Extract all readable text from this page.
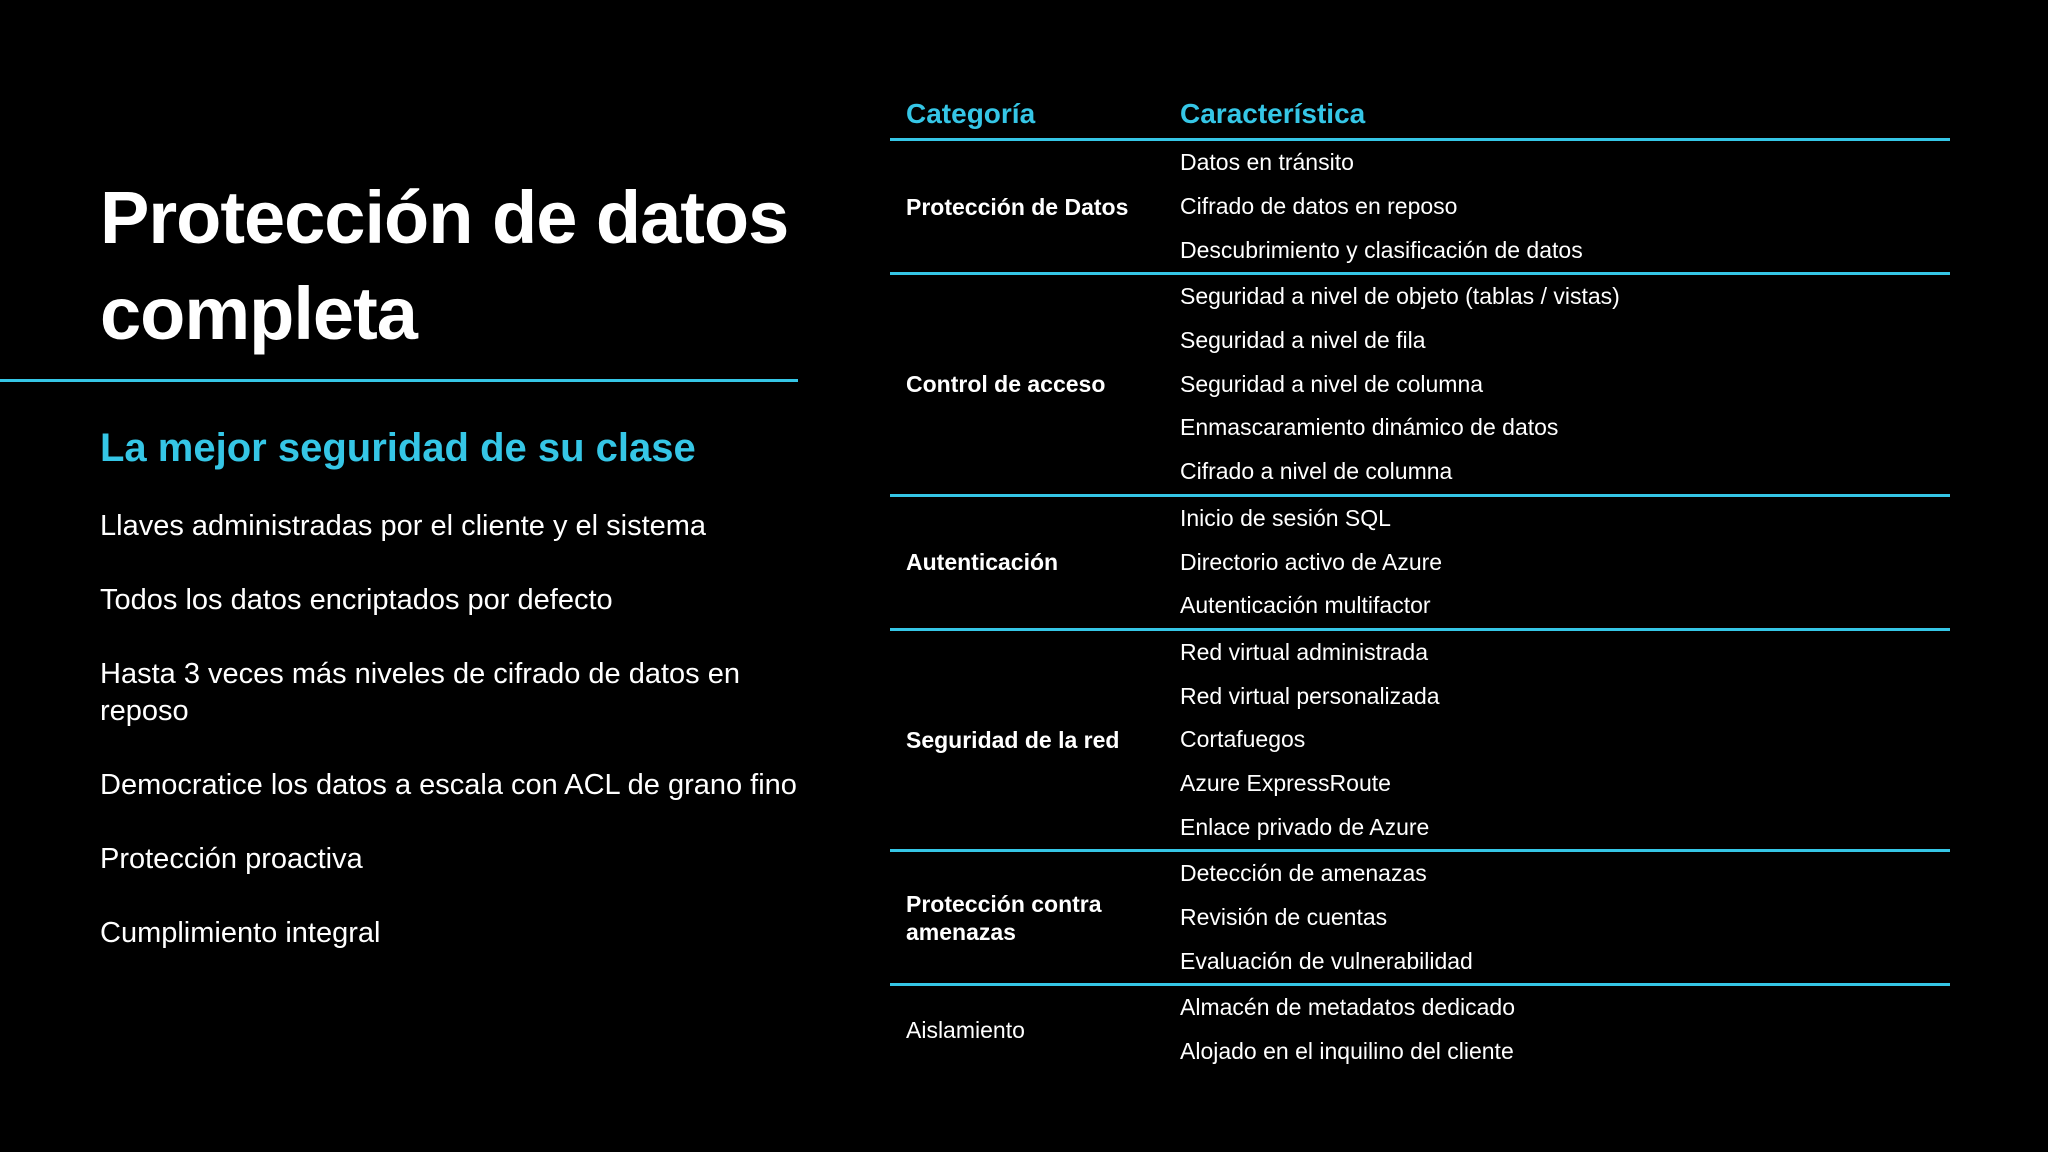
Protección de datos completa
La mejor seguridad de su clase
Llaves administradas por el cliente y el sistema
Todos los datos encriptados por defecto
Hasta 3 veces más niveles de cifrado de datos en reposo
Democratice los datos a escala con ACL de grano fino
Protección proactiva
Cumplimiento integral
Categoría	Característica
Protección de Datos
Datos en tránsito
Cifrado de datos en reposo
Descubrimiento y clasificación de datos
Control de acceso
Seguridad a nivel de objeto (tablas / vistas)
Seguridad a nivel de fila
Seguridad a nivel de columna
Enmascaramiento dinámico de datos
Cifrado a nivel de columna
Autenticación
Inicio de sesión SQL
Directorio activo de Azure
Autenticación multifactor
Seguridad de la red
Red virtual administrada
Red virtual personalizada
Cortafuegos
Azure ExpressRoute
Enlace privado de Azure
Protección contra amenazas
Detección de amenazas
Revisión de cuentas
Evaluación de vulnerabilidad
Aislamiento
Almacén de metadatos dedicado
Alojado en el inquilino del cliente
